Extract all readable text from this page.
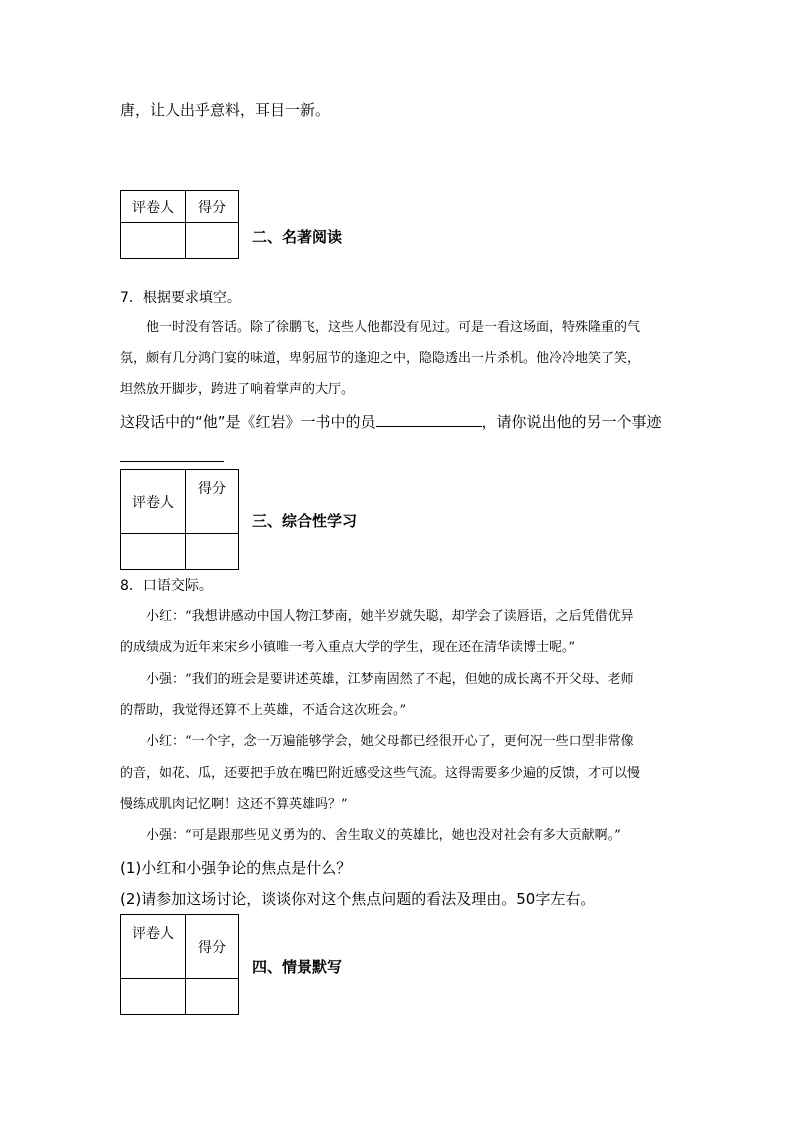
唐，让人出乎意料，耳目一新。
评卷人	得分

二、名著阅读
7．根据要求填空。
他一时没有答话。除了徐鹏飞，这些人他都没有见过。可是一看这场面，特殊隆重的气
氛，颇有几分鸿门宴的味道，卑躬屈节的逢迎之中，隐隐透出一片杀机。他冷冷地笑了笑，
坦然放开脚步，跨进了响着掌声的大厅。
这段话中的“他”是《红岩》一书中的员	，请你说出他的另一个事迹
评卷人	得分

三、综合性学习
8．口语交际。
小红：“我想讲感动中国人物江梦南，她半岁就失聪，却学会了读唇语，之后凭借优异
的成绩成为近年来宋乡小镇唯一考入重点大学的学生，现在还在清华读博士呢。”
小强：“我们的班会是要讲述英雄，江梦南固然了不起，但她的成长离不开父母、老师
的帮助，我觉得还算不上英雄，不适合这次班会。”
小红：“一个字，念一万遍能够学会，她父母都已经很开心了，更何况一些口型非常像
的音，如花、瓜，还要把手放在嘴巴附近感受这些气流。这得需要多少遍的反馈，才可以慢
慢练成肌肉记忆啊！这还不算英雄吗？”
小强：“可是跟那些见义勇为的、舍生取义的英雄比，她也没对社会有多大贡献啊。”
(1)小红和小强争论的焦点是什么？
(2)请参加这场讨论，谈谈你对这个焦点问题的看法及理由。50字左右。
评卷人	得分

四、情景默写
